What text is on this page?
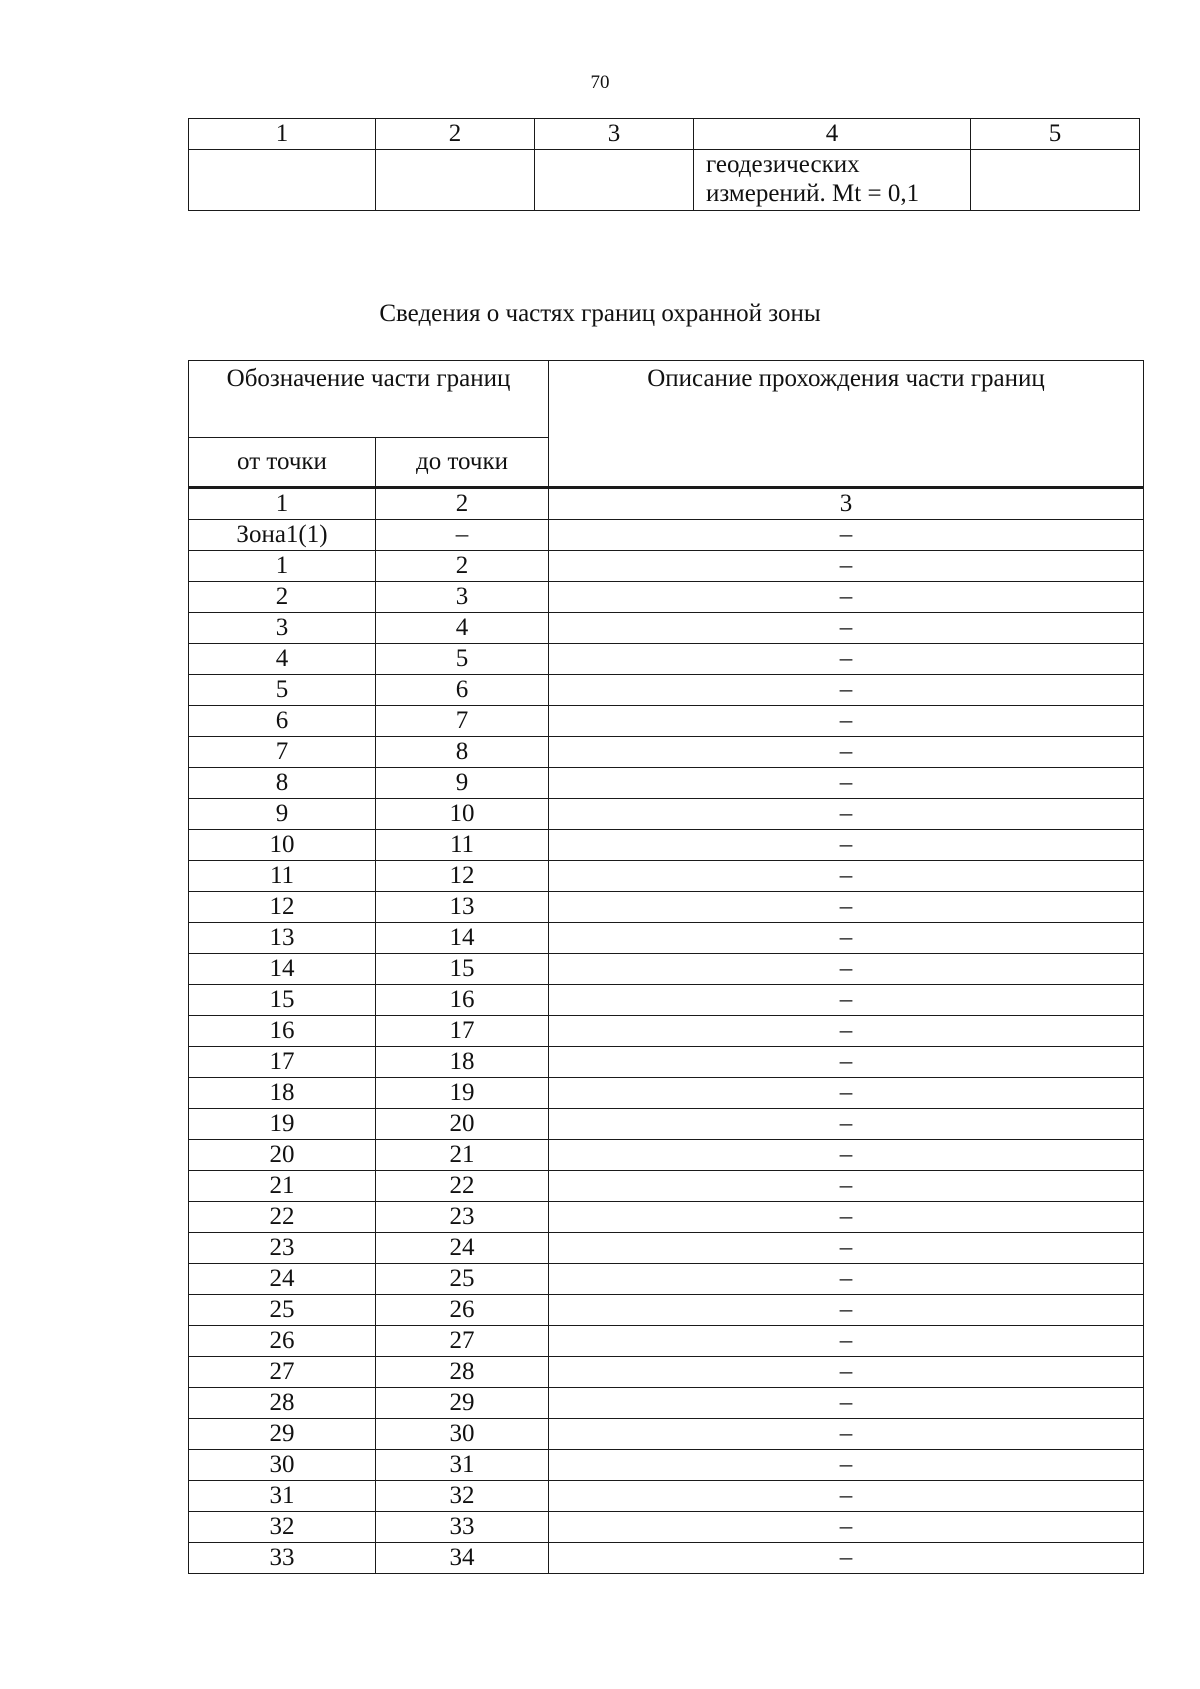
70
1	2	3	4	5
			геодезических
измерений. Mt = 0,1	
Сведения о частях границ охранной зоны
Обозначение части границ		Описание прохождения части границ
от точки	до точки	
1	2	3
Зона1(1)	–	–
1	2	–
2	3	–
3	4	–
4	5	–
5	6	–
6	7	–
7	8	–
8	9	–
9	10	–
10	11	–
11	12	–
12	13	–
13	14	–
14	15	–
15	16	–
16	17	–
17	18	–
18	19	–
19	20	–
20	21	–
21	22	–
22	23	–
23	24	–
24	25	–
25	26	–
26	27	–
27	28	–
28	29	–
29	30	–
30	31	–
31	32	–
32	33	–
33	34	–
